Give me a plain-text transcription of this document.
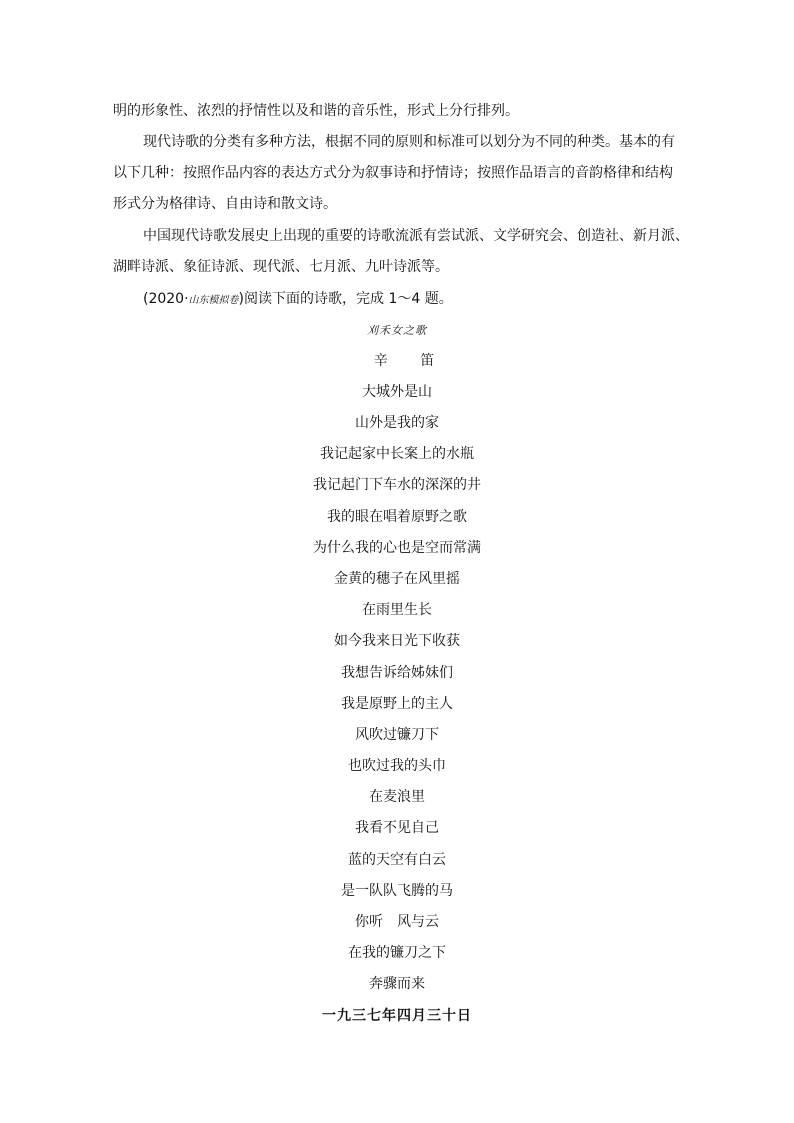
明的形象性、浓烈的抒情性以及和谐的音乐性，形式上分行排列。

现代诗歌的分类有多种方法，根据不同的原则和标准可以划分为不同的种类。基本的有

以下几种：按照作品内容的表达方式分为叙事诗和抒情诗；按照作品语言的音韵格律和结构

形式分为格律诗、自由诗和散文诗。

中国现代诗歌发展史上出现的重要的诗歌流派有尝试派、文学研究会、创造社、新月派、

湖畔诗派、象征诗派、现代派、七月派、九叶诗派等。

(2020·山东模拟卷)阅读下面的诗歌，完成 1～4 题。
刈禾女之歌
辛 笛
大城外是山
山外是我的家
我记起家中长案上的水瓶
我记起门下车水的深深的井
我的眼在唱着原野之歌
为什么我的心也是空而常满
金黄的穗子在风里摇
在雨里生长
如今我来日光下收获
我想告诉给姊妹们
我是原野上的主人
风吹过镰刀下
也吹过我的头巾
在麦浪里
我看不见自己
蓝的天空有白云
是一队队飞腾的马
你听　风与云
在我的镰刀之下
奔骤而来
一九三七年四月三十日
